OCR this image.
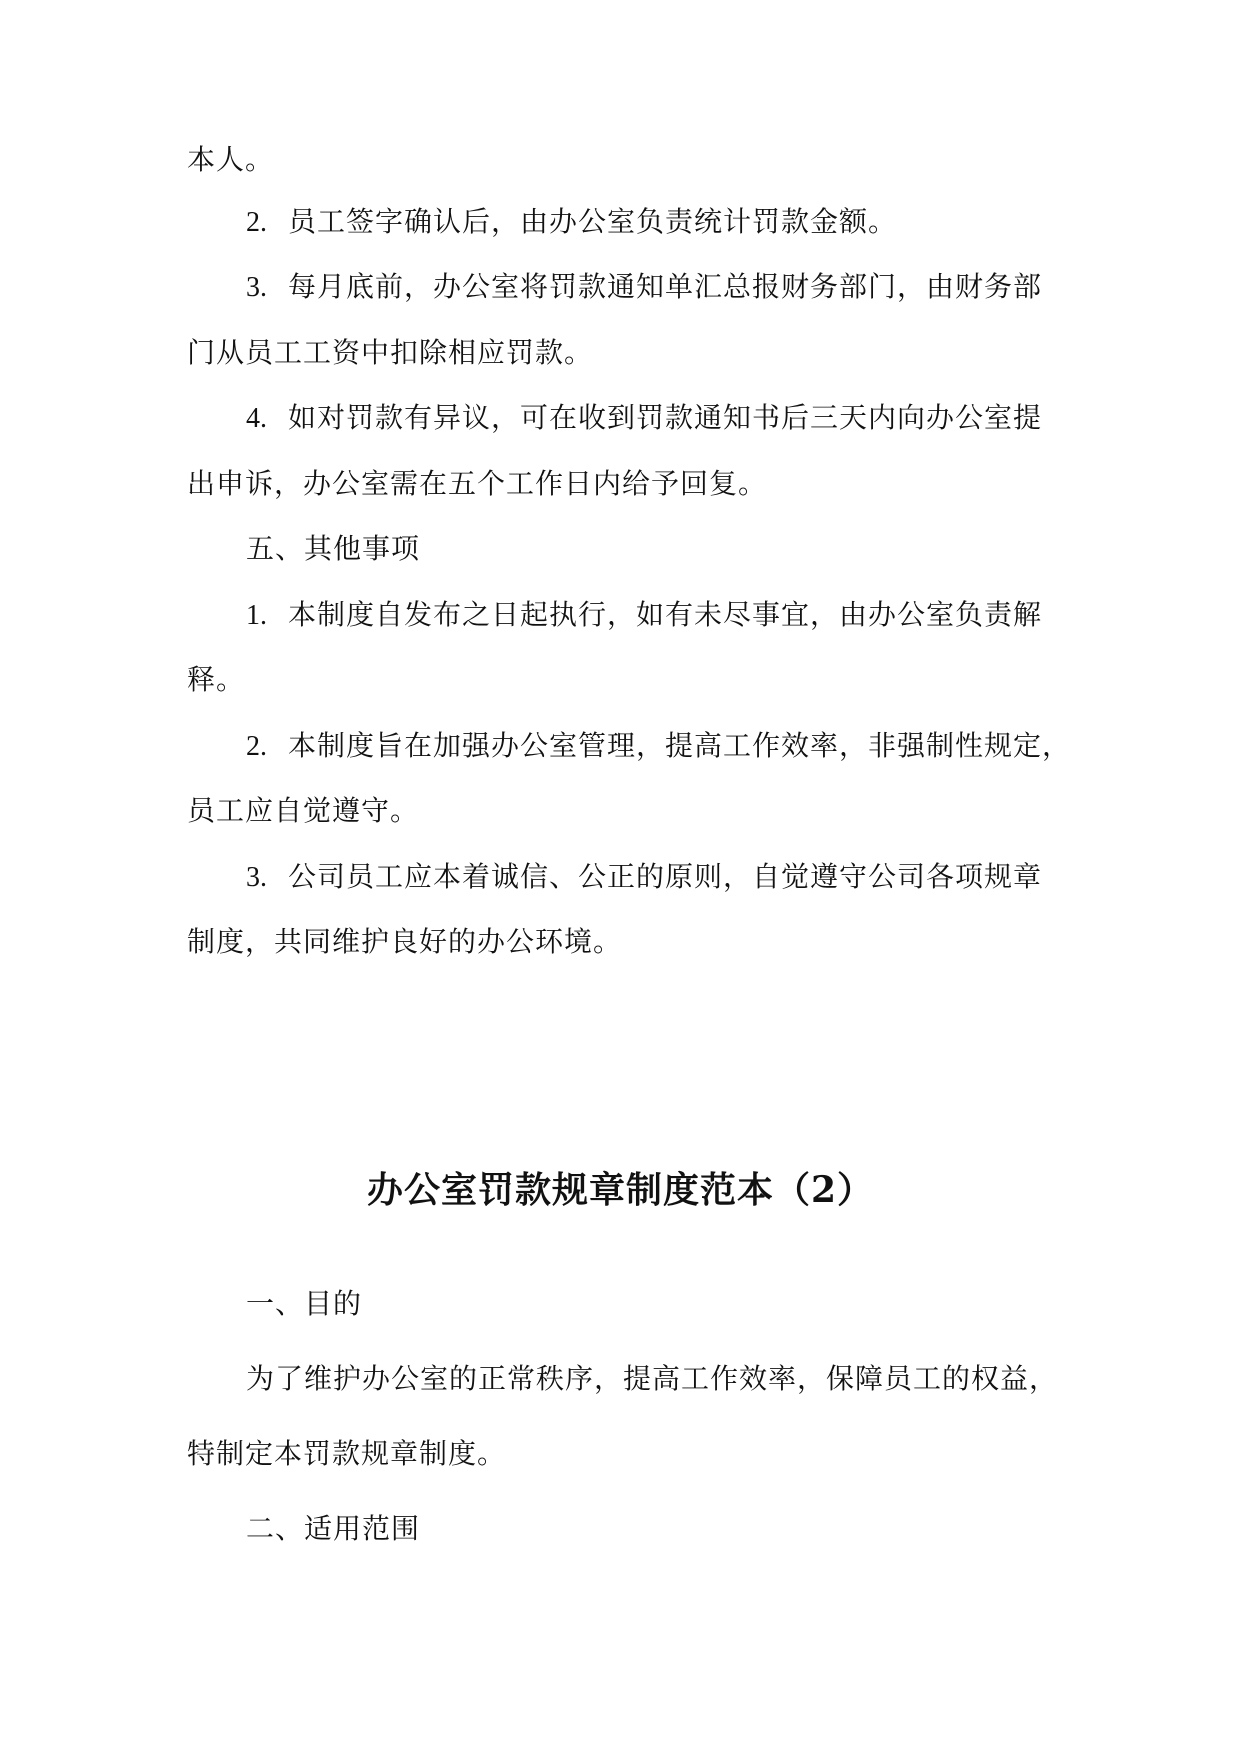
本人。
2. 员工签字确认后，由办公室负责统计罚款金额。
3. 每月底前，办公室将罚款通知单汇总报财务部门，由财务部
门从员工工资中扣除相应罚款。
4. 如对罚款有异议，可在收到罚款通知书后三天内向办公室提
出申诉，办公室需在五个工作日内给予回复。
五、其他事项
1. 本制度自发布之日起执行，如有未尽事宜，由办公室负责解
释。
2. 本制度旨在加强办公室管理，提高工作效率，非强制性规定，
员工应自觉遵守。
3. 公司员工应本着诚信、公正的原则，自觉遵守公司各项规章
制度，共同维护良好的办公环境。
办公室罚款规章制度范本（2）
一、目的
为了维护办公室的正常秩序，提高工作效率，保障员工的权益，
特制定本罚款规章制度。
二、适用范围
